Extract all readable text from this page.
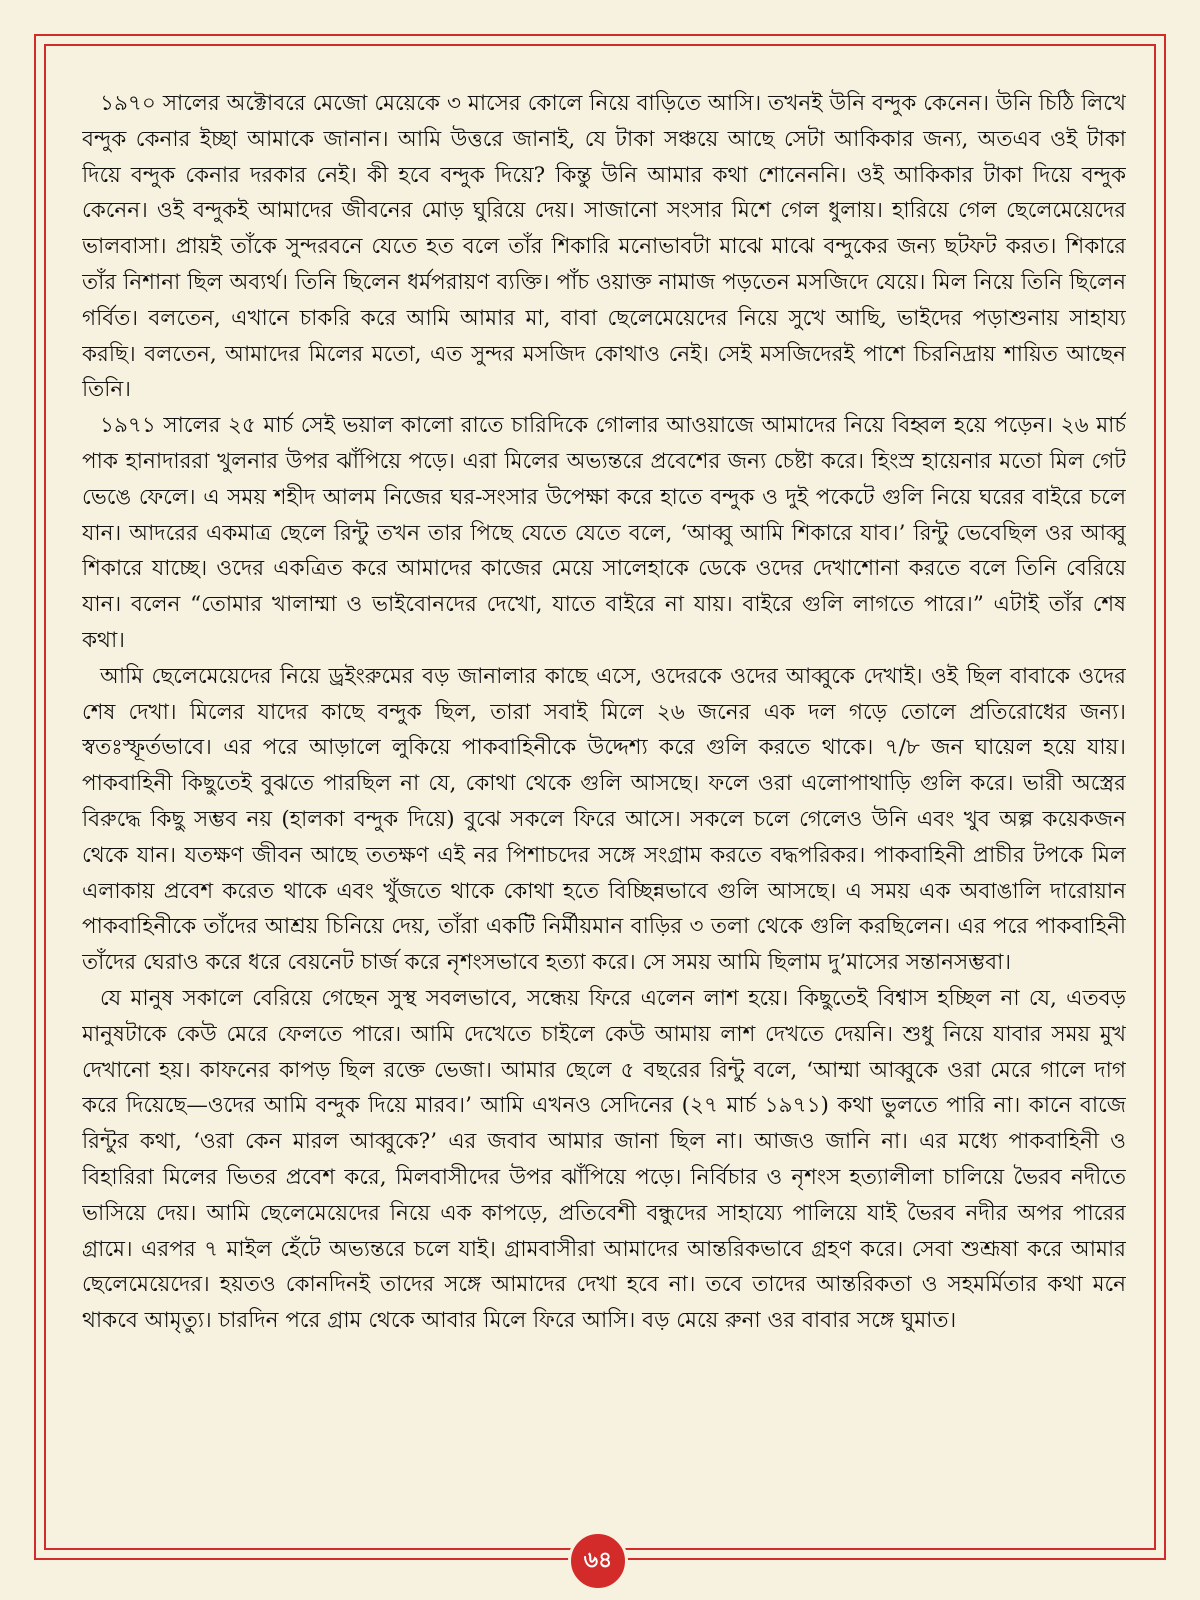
১৯৭০ সালের অক্টোবরে মেজো মেয়েকে ৩ মাসের কোলে নিয়ে বাড়িতে আসি। তখনই উনি বন্দুক কেনেন। উনি চিঠি লিখে বন্দুক কেনার ইচ্ছা আমাকে জানান। আমি উত্তরে জানাই, যে টাকা সঞ্চয়ে আছে সেটা আকিকার জন্য, অতএব ওই টাকা দিয়ে বন্দুক কেনার দরকার নেই। কী হবে বন্দুক দিয়ে? কিন্তু উনি আমার কথা শোনেননি। ওই আকিকার টাকা দিয়ে বন্দুক কেনেন। ওই বন্দুকই আমাদের জীবনের মোড় ঘুরিয়ে দেয়। সাজানো সংসার মিশে গেল ধুলায়। হারিয়ে গেল ছেলেমেয়েদের ভালবাসা। প্রায়ই তাঁকে সুন্দরবনে যেতে হত বলে তাঁর শিকারি মনোভাবটা মাঝে মাঝে বন্দুকের জন্য ছটফট করত। শিকারে তাঁর নিশানা ছিল অব্যর্থ। তিনি ছিলেন ধর্মপরায়ণ ব্যক্তি। পাঁচ ওয়াক্ত নামাজ পড়তেন মসজিদে যেয়ে। মিল নিয়ে তিনি ছিলেন গর্বিত। বলতেন, এখানে চাকরি করে আমি আমার মা, বাবা ছেলেমেয়েদের নিয়ে সুখে আছি, ভাইদের পড়াশুনায় সাহায্য করছি। বলতেন, আমাদের মিলের মতো, এত সুন্দর মসজিদ কোথাও নেই। সেই মসজিদেরই পাশে চিরনিদ্রায় শায়িত আছেন তিনি।

১৯৭১ সালের ২৫ মার্চ সেই ভয়াল কালো রাতে চারিদিকে গোলার আওয়াজে আমাদের নিয়ে বিহ্বল হয়ে পড়েন। ২৬ মার্চ পাক হানাদাররা খুলনার উপর ঝাঁপিয়ে পড়ে। এরা মিলের অভ্যন্তরে প্রবেশের জন্য চেষ্টা করে। হিংস্র হায়েনার মতো মিল গেট ভেঙে ফেলে। এ সময় শহীদ আলম নিজের ঘর-সংসার উপেক্ষা করে হাতে বন্দুক ও দুই পকেটে গুলি নিয়ে ঘরের বাইরে চলে যান। আদরের একমাত্র ছেলে রিন্টু তখন তার পিছে যেতে যেতে বলে, ‘আব্বু আমি শিকারে যাব।’ রিন্টু ভেবেছিল ওর আব্বু শিকারে যাচ্ছে। ওদের একত্রিত করে আমাদের কাজের মেয়ে সালেহাকে ডেকে ওদের দেখাশোনা করতে বলে তিনি বেরিয়ে যান। বলেন “তোমার খালাম্মা ও ভাইবোনদের দেখো, যাতে বাইরে না যায়। বাইরে গুলি লাগতে পারে।” এটাই তাঁর শেষ কথা।

আমি ছেলেমেয়েদের নিয়ে ড্রইংরুমের বড় জানালার কাছে এসে, ওদেরকে ওদের আব্বুকে দেখাই। ওই ছিল বাবাকে ওদের শেষ দেখা। মিলের যাদের কাছে বন্দুক ছিল, তারা সবাই মিলে ২৬ জনের এক দল গড়ে তোলে প্রতিরোধের জন্য। স্বতঃস্ফূর্তভাবে। এর পরে আড়ালে লুকিয়ে পাকবাহিনীকে উদ্দেশ্য করে গুলি করতে থাকে। ৭/৮ জন ঘায়েল হয়ে যায়। পাকবাহিনী কিছুতেই বুঝতে পারছিল না যে, কোথা থেকে গুলি আসছে। ফলে ওরা এলোপাথাড়ি গুলি করে। ভারী অস্ত্রের বিরুদ্ধে কিছু সম্ভব নয় (হালকা বন্দুক দিয়ে) বুঝে সকলে ফিরে আসে। সকলে চলে গেলেও উনি এবং খুব অল্প কয়েকজন থেকে যান। যতক্ষণ জীবন আছে ততক্ষণ এই নর পিশাচদের সঙ্গে সংগ্রাম করতে বদ্ধপরিকর। পাকবাহিনী প্রাচীর টপকে মিল এলাকায় প্রবেশ করেত থাকে এবং খুঁজতে থাকে কোথা হতে বিচ্ছিন্নভাবে গুলি আসছে। এ সময় এক অবাঙালি দারোয়ান পাকবাহিনীকে তাঁদের আশ্রয় চিনিয়ে দেয়, তাঁরা একটি নির্মীয়মান বাড়ির ৩ তলা থেকে গুলি করছিলেন। এর পরে পাকবাহিনী তাঁদের ঘেরাও করে ধরে বেয়নেট চার্জ করে নৃশংসভাবে হত্যা করে। সে সময় আমি ছিলাম দু’মাসের সন্তানসম্ভবা।

যে মানুষ সকালে বেরিয়ে গেছেন সুস্থ সবলভাবে, সন্ধেয় ফিরে এলেন লাশ হয়ে। কিছুতেই বিশ্বাস হচ্ছিল না যে, এতবড় মানুষটাকে কেউ মেরে ফেলতে পারে। আমি দেখেতে চাইলে কেউ আমায় লাশ দেখতে দেয়নি। শুধু নিয়ে যাবার সময় মুখ দেখানো হয়। কাফনের কাপড় ছিল রক্তে ভেজা। আমার ছেলে ৫ বছরের রিন্টু বলে, ‘আম্মা আব্বুকে ওরা মেরে গালে দাগ করে দিয়েছে—ওদের আমি বন্দুক দিয়ে মারব।’ আমি এখনও সেদিনের (২৭ মার্চ ১৯৭১) কথা ভুলতে পারি না। কানে বাজে রিন্টুর কথা, ‘ওরা কেন মারল আব্বুকে?’ এর জবাব আমার জানা ছিল না। আজও জানি না। এর মধ্যে পাকবাহিনী ও বিহারিরা মিলের ভিতর প্রবেশ করে, মিলবাসীদের উপর ঝাঁপিয়ে পড়ে। নির্বিচার ও নৃশংস হত্যালীলা চালিয়ে ভৈরব নদীতে ভাসিয়ে দেয়। আমি ছেলেমেয়েদের নিয়ে এক কাপড়ে, প্রতিবেশী বন্ধুদের সাহায্যে পালিয়ে যাই ভৈরব নদীর অপর পারের গ্রামে। এরপর ৭ মাইল হেঁটে অভ্যন্তরে চলে যাই। গ্রামবাসীরা আমাদের আন্তরিকভাবে গ্রহণ করে। সেবা শুশ্রূষা করে আমার ছেলেমেয়েদের। হয়তও কোনদিনই তাদের সঙ্গে আমাদের দেখা হবে না। তবে তাদের আন্তরিকতা ও সহমর্মিতার কথা মনে থাকবে আমৃত্যু। চারদিন পরে গ্রাম থেকে আবার মিলে ফিরে আসি। বড় মেয়ে রুনা ওর বাবার সঙ্গে ঘুমাত।

৬৪
